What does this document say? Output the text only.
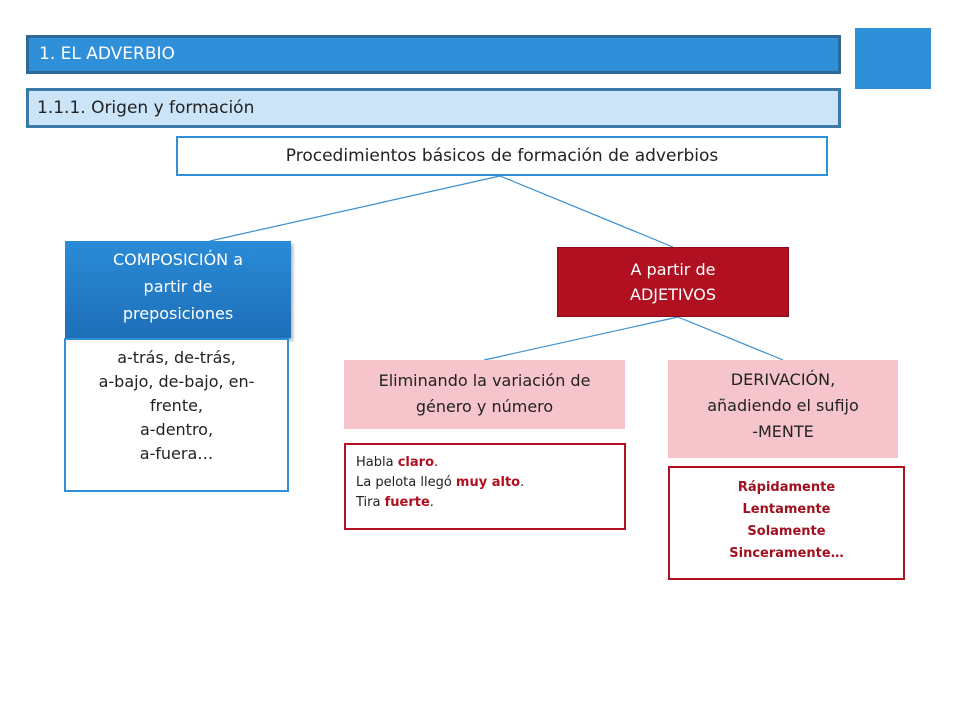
1. EL ADVERBIO
1.1.1. Origen y formación
Procedimientos básicos de formación de adverbios
COMPOSICIÓN a
partir de
preposiciones
a-trás, de-trás,
a-bajo, de-bajo, en-
frente,
a-dentro,
a-fuera…
A partir de
ADJETIVOS
Eliminando la variación de
género y número
DERIVACIÓN,
añadiendo el sufijo
-MENTE
Habla claro.
La pelota llegó muy alto.
Tira fuerte.
Rápidamente
Lentamente
Solamente
Sinceramente…
